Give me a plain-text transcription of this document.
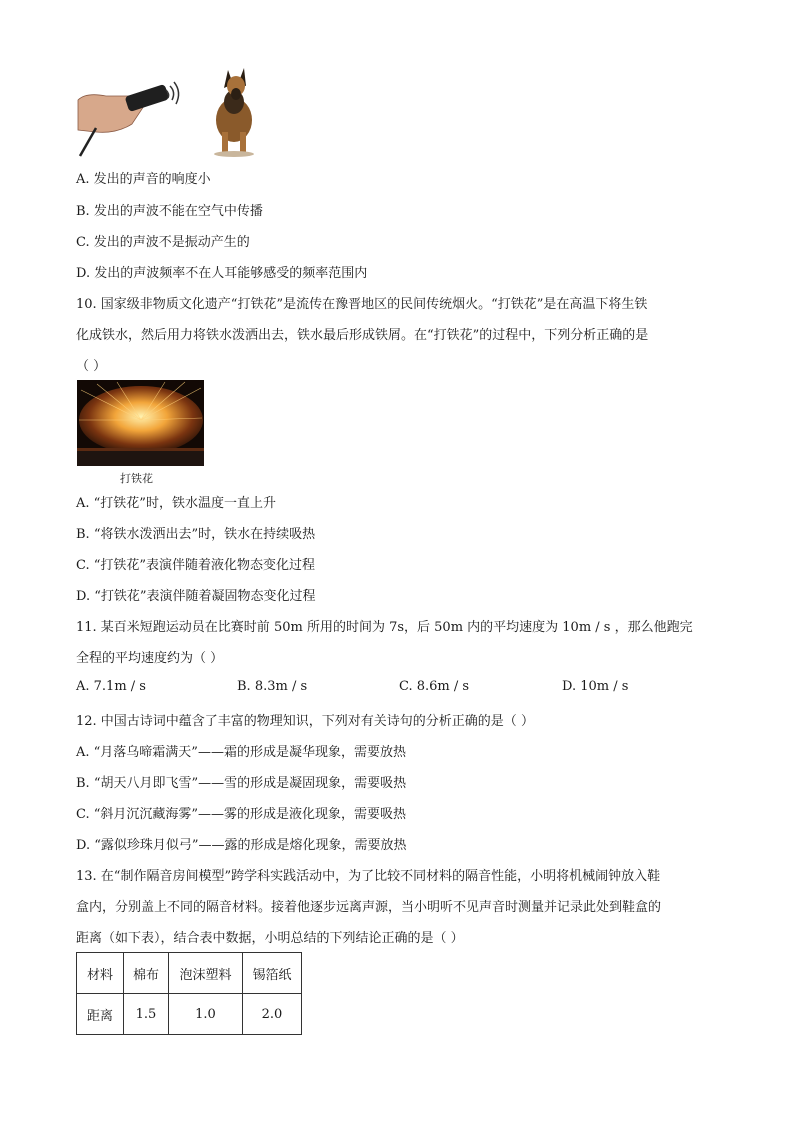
A. 发出的声音的响度小
B. 发出的声波不能在空气中传播
C. 发出的声波不是振动产生的
D. 发出的声波频率不在人耳能够感受的频率范围内
10. 国家级非物质文化遗产“打铁花”是流传在豫晋地区的民间传统烟火。“打铁花”是在高温下将生铁
化成铁水，然后用力将铁水泼洒出去，铁水最后形成铁屑。在“打铁花”的过程中，下列分析正确的是
（ ）
打铁花
A. “打铁花”时，铁水温度一直上升
B. “将铁水泼洒出去”时，铁水在持续吸热
C. “打铁花”表演伴随着液化物态变化过程
D. “打铁花”表演伴随着凝固物态变化过程
11. 某百米短跑运动员在比赛时前 50m 所用的时间为 7s，后 50m 内的平均速度为 10m / s ，那么他跑完
全程的平均速度约为（ ）
A. 7.1m / s	B. 8.3m / s	C. 8.6m / s	D. 10m / s
12. 中国古诗词中蕴含了丰富的物理知识，下列对有关诗句的分析正确的是（ ）
A. “月落乌啼霜满天”——霜的形成是凝华现象，需要放热
B. “胡天八月即飞雪”——雪的形成是凝固现象，需要吸热
C. “斜月沉沉藏海雾”——雾的形成是液化现象，需要吸热
D. “露似珍珠月似弓”——露的形成是熔化现象，需要放热
13. 在“制作隔音房间模型”跨学科实践活动中，为了比较不同材料的隔音性能，小明将机械闹钟放入鞋
盒内，分别盖上不同的隔音材料。接着他逐步远离声源，当小明听不见声音时测量并记录此处到鞋盒的
距离（如下表），结合表中数据，小明总结的下列结论正确的是（ ）
材料	棉布	泡沫塑料	锡箔纸
距离	1.5	1.0	2.0
